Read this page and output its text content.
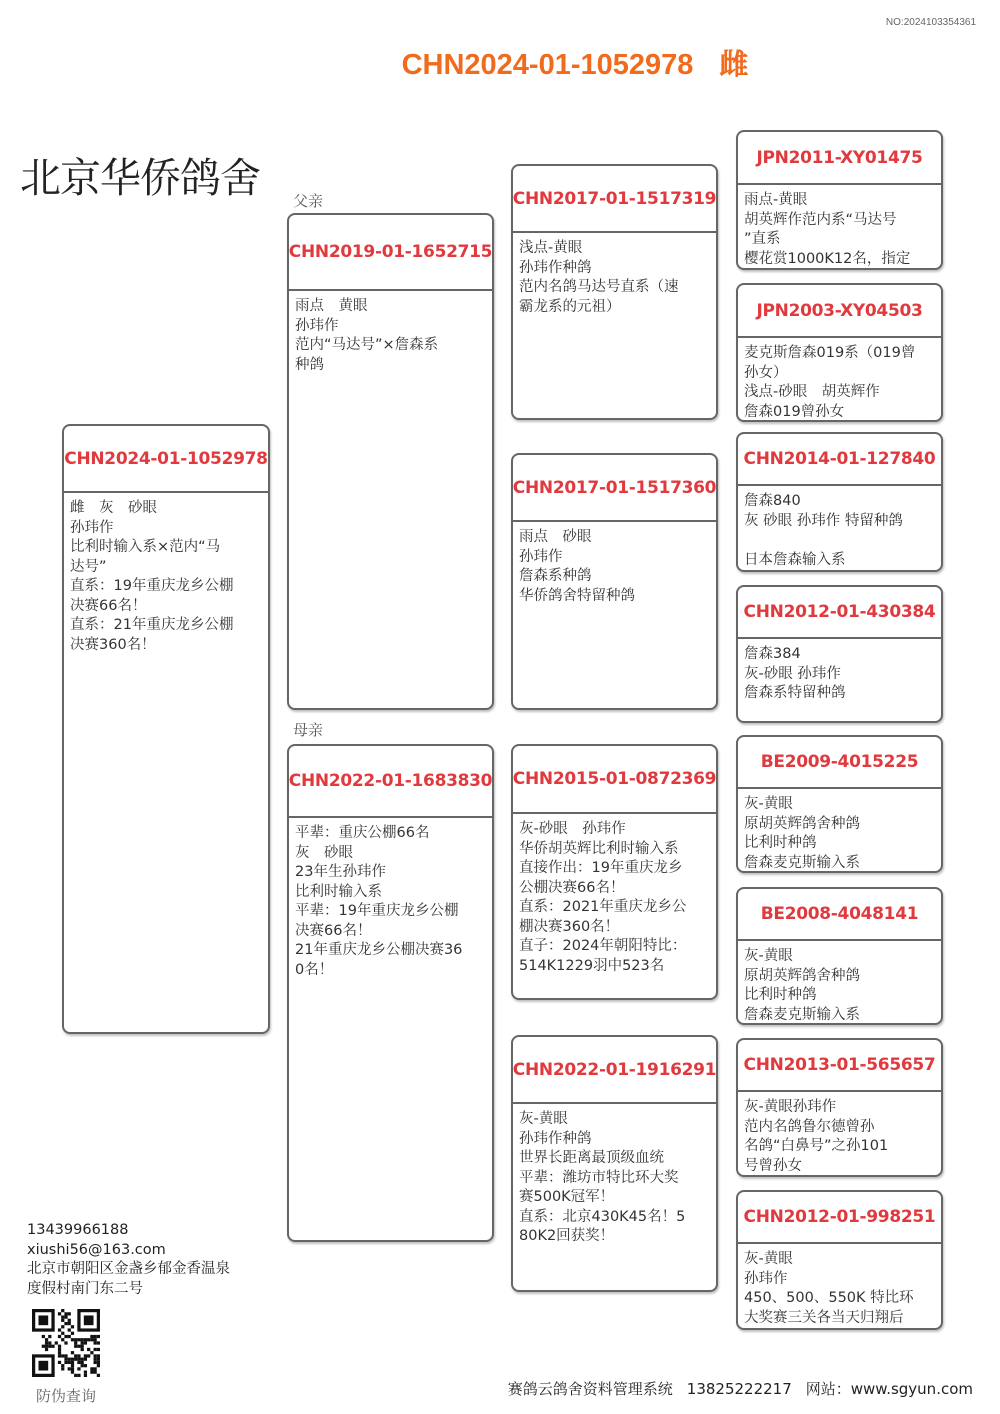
NO:2024103354361
CHN2024-01-1052978 雌
北京华侨鸽舍 父亲
母亲
CHN2024-01-1052978
雌　灰　砂眼
孙玮作
比利时输入系×范内“马
达号”
直系：19年重庆龙乡公棚
决赛66名！
直系：21年重庆龙乡公棚
决赛360名！
CHN2019-01-1652715
雨点　黄眼
孙玮作
范内“马达号”×詹森系
种鸽
CHN2022-01-1683830
平辈：重庆公棚66名
灰　砂眼
23年生孙玮作
比利时输入系
平辈：19年重庆龙乡公棚
决赛66名！
21年重庆龙乡公棚决赛36
0名！
CHN2017-01-1517319
浅点-黄眼
孙玮作种鸽
范内名鸽马达号直系（速
霸龙系的元祖）
CHN2017-01-1517360
雨点　砂眼
孙玮作
詹森系种鸽
华侨鸽舍特留种鸽
CHN2015-01-0872369
灰-砂眼　孙玮作
华侨胡英辉比利时输入系
直接作出：19年重庆龙乡
公棚决赛66名！
直系：2021年重庆龙乡公
棚决赛360名！
直子：2024年朝阳特比：
514K1229羽中523名
CHN2022-01-1916291
灰-黄眼
孙玮作种鸽
世界长距离最顶级血统
平辈：潍坊市特比环大奖
赛500K冠军！
直系：北京430K45名！5
80K2回获奖！
JPN2011-XY01475
雨点-黄眼
胡英辉作范内系“马达号
”直系
樱花赏1000K12名，指定
JPN2003-XY04503
麦克斯詹森019系（019曾
孙女）
浅点-砂眼　胡英辉作
詹森019曾孙女
CHN2014-01-127840
詹森840
灰 砂眼 孙玮作 特留种鸽

日本詹森输入系
CHN2012-01-430384
詹森384
灰-砂眼 孙玮作
詹森系特留种鸽
BE2009-4015225
灰-黄眼
原胡英辉鸽舍种鸽
比利时种鸽
詹森麦克斯输入系
BE2008-4048141
灰-黄眼
原胡英辉鸽舍种鸽
比利时种鸽
詹森麦克斯输入系
CHN2013-01-565657
灰-黄眼孙玮作
范内名鸽鲁尔德曾孙
名鸽“白鼻号”之孙101
号曾孙女
CHN2012-01-998251
灰-黄眼
孙玮作
450、500、550K 特比环
大奖赛三关各当天归翔后
13439966188
xiushi56@163.com
北京市朝阳区金盏乡郁金香温泉
度假村南门东二号
防伪查询	赛鸽云鸽舍资料管理系统 13825222217 网站：www.sgyun.com
